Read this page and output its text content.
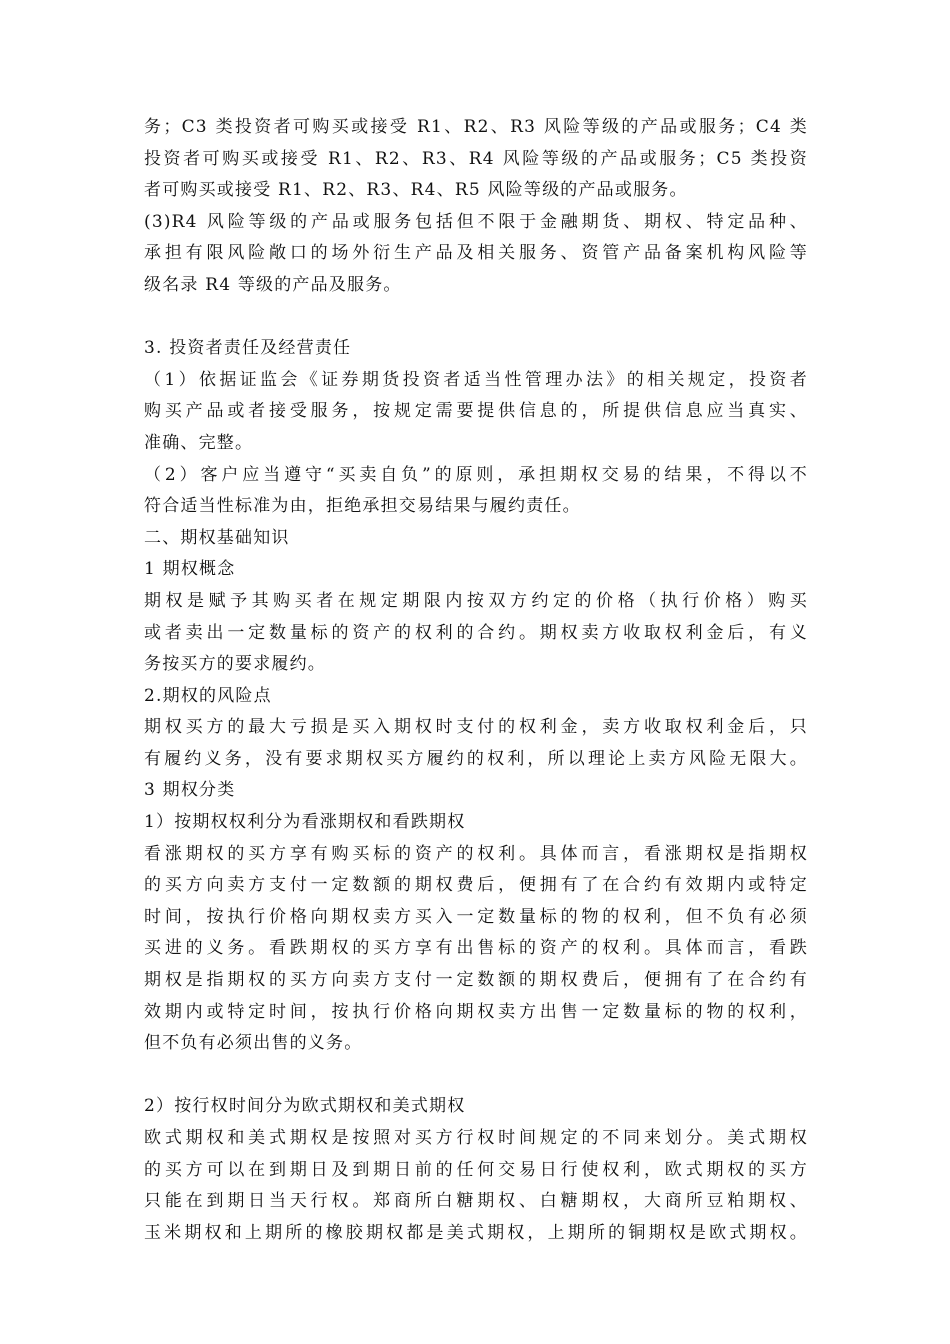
务；C3 类投资者可购买或接受 R1、R2、R3 风险等级的产品或服务；C4 类
投资者可购买或接受 R1、R2、R3、R4 风险等级的产品或服务；C5 类投资
者可购买或接受 R1、R2、R3、R4、R5 风险等级的产品或服务。
(3)R4 风险等级的产品或服务包括但不限于金融期货、期权、特定品种、
承担有限风险敞口的场外衍生产品及相关服务、资管产品备案机构风险等
级名录 R4 等级的产品及服务。
3. 投资者责任及经营责任
（1）依据证监会《证券期货投资者适当性管理办法》的相关规定，投资者
购买产品或者接受服务，按规定需要提供信息的，所提供信息应当真实、
准确、完整。
（2）客户应当遵守“买卖自负”的原则，承担期权交易的结果，不得以不
符合适当性标准为由，拒绝承担交易结果与履约责任。
二、期权基础知识
1 期权概念
期权是赋予其购买者在规定期限内按双方约定的价格（执行价格）购买
或者卖出一定数量标的资产的权利的合约。期权卖方收取权利金后，有义
务按买方的要求履约。
2.期权的风险点
期权买方的最大亏损是买入期权时支付的权利金，卖方收取权利金后，只
有履约义务，没有要求期权买方履约的权利，所以理论上卖方风险无限大。
3 期权分类
1）按期权权利分为看涨期权和看跌期权
看涨期权的买方享有购买标的资产的权利。具体而言，看涨期权是指期权
的买方向卖方支付一定数额的期权费后，便拥有了在合约有效期内或特定
时间，按执行价格向期权卖方买入一定数量标的物的权利，但不负有必须
买进的义务。看跌期权的买方享有出售标的资产的权利。具体而言，看跌
期权是指期权的买方向卖方支付一定数额的期权费后，便拥有了在合约有
效期内或特定时间，按执行价格向期权卖方出售一定数量标的物的权利，
但不负有必须出售的义务。
2）按行权时间分为欧式期权和美式期权
欧式期权和美式期权是按照对买方行权时间规定的不同来划分。美式期权
的买方可以在到期日及到期日前的任何交易日行使权利，欧式期权的买方
只能在到期日当天行权。郑商所白糖期权、白糖期权，大商所豆粕期权、
玉米期权和上期所的橡胶期权都是美式期权，上期所的铜期权是欧式期权。
